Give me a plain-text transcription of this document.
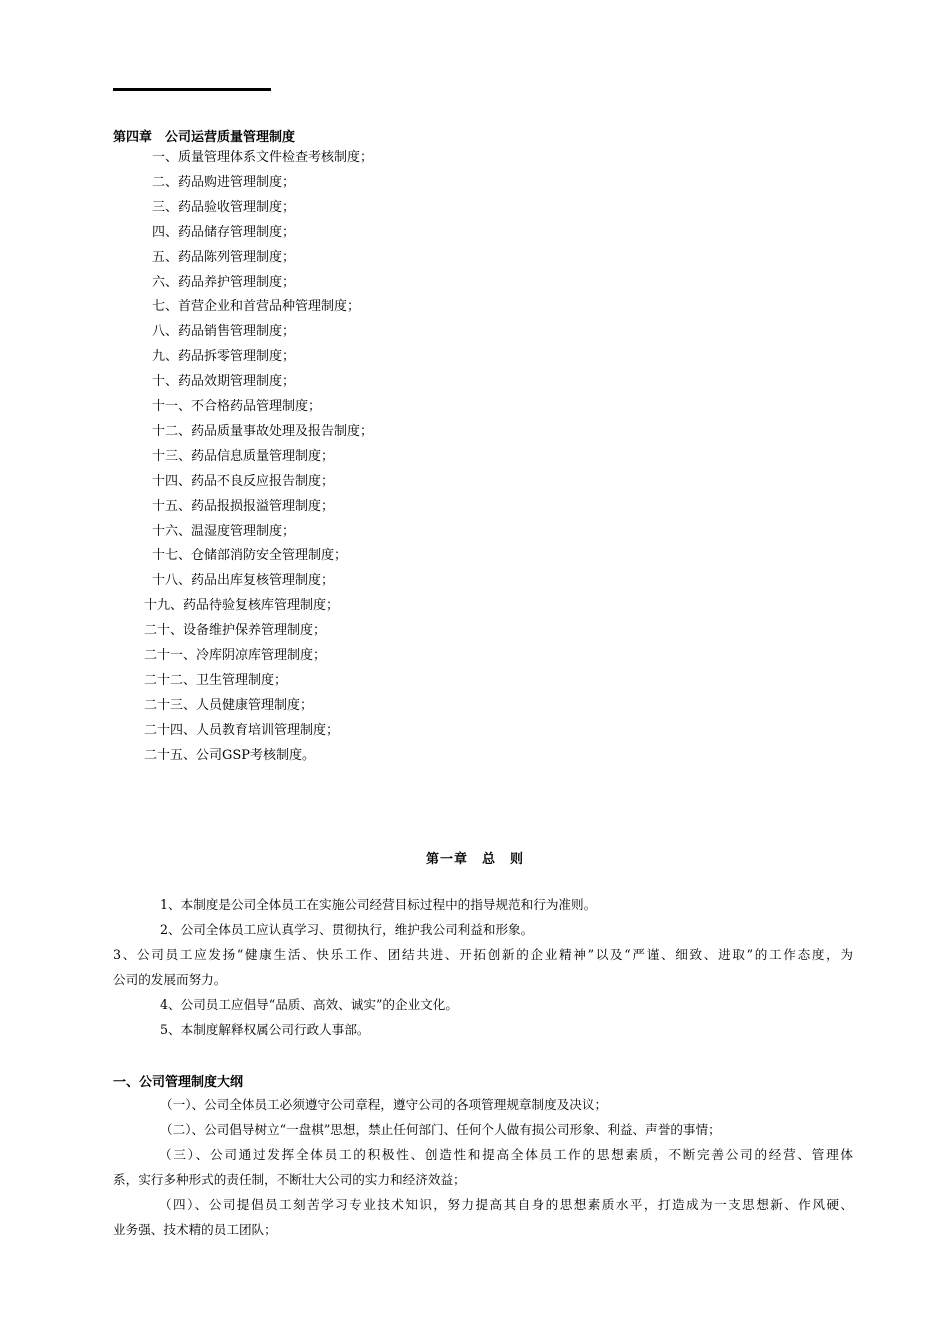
第四章　公司运营质量管理制度
一、质量管理体系文件检查考核制度；
二、药品购进管理制度；
三、药品验收管理制度；
四、药品储存管理制度；
五、药品陈列管理制度；
六、药品养护管理制度；
七、首营企业和首营品种管理制度；
八、药品销售管理制度；
九、药品拆零管理制度；
十、药品效期管理制度；
十一、不合格药品管理制度；
十二、药品质量事故处理及报告制度；
十三、药品信息质量管理制度；
十四、药品不良反应报告制度；
十五、药品报损报溢管理制度；
十六、温湿度管理制度；
十七、仓储部消防安全管理制度；
十八、药品出库复核管理制度；
十九、药品待验复核库管理制度；
二十、设备维护保养管理制度；
二十一、冷库阴凉库管理制度；
二十二、卫生管理制度；
二十三、人员健康管理制度；
二十四、人员教育培训管理制度；
二十五、公司GSP考核制度。
第一章　总　则
1、本制度是公司全体员工在实施公司经营目标过程中的指导规范和行为准则。
2、公司全体员工应认真学习、贯彻执行，维护我公司利益和形象。
3、公司员工应发扬“健康生活、快乐工作、团结共进、开拓创新的企业精神”以及“严谨、细致、进取”的工作态度，为
公司的发展而努力。
4、公司员工应倡导“品质、高效、诚实”的企业文化。
5、本制度解释权属公司行政人事部。
一、公司管理制度大纲
（一）、公司全体员工必须遵守公司章程，遵守公司的各项管理规章制度及决议；
（二）、公司倡导树立“一盘棋”思想，禁止任何部门、任何个人做有损公司形象、利益、声誉的事情；
（三）、公司通过发挥全体员工的积极性、创造性和提高全体员工作的思想素质，不断完善公司的经营、管理体
系，实行多种形式的责任制，不断壮大公司的实力和经济效益；
（四）、公司提倡员工刻苦学习专业技术知识，努力提高其自身的思想素质水平，打造成为一支思想新、作风硬、
业务强、技术精的员工团队；
